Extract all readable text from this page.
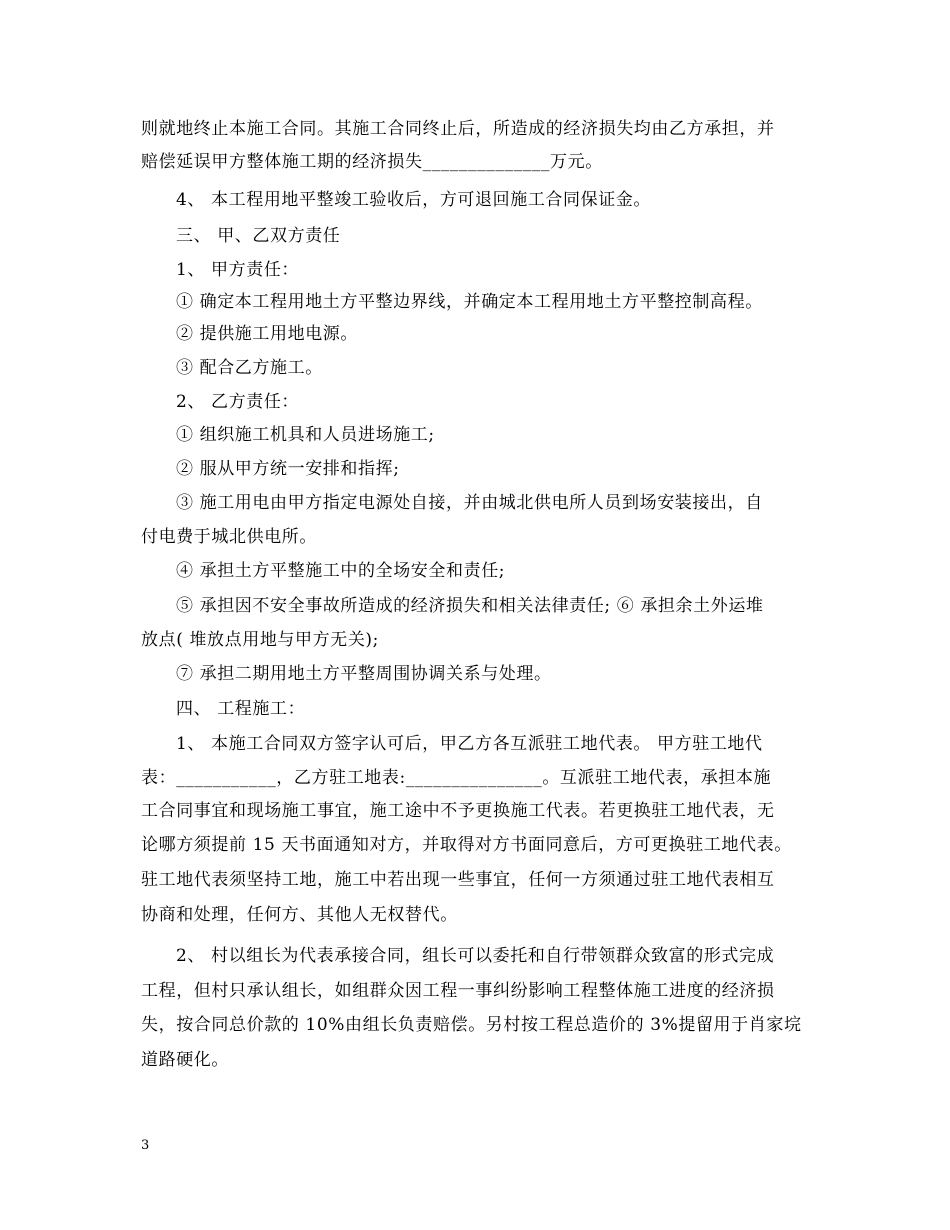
则就地终止本施工合同。其施工合同终止后，所造成的经济损失均由乙方承担，并
赔偿延误甲方整体施工期的经济损失______________万元。
4、 本工程用地平整竣工验收后，方可退回施工合同保证金。
三、 甲、乙双方责任
1、 甲方责任：
① 确定本工程用地土方平整边界线，并确定本工程用地土方平整控制高程。
② 提供施工用地电源。
③ 配合乙方施工。
2、 乙方责任：
① 组织施工机具和人员进场施工;
② 服从甲方统一安排和指挥;
③ 施工用电由甲方指定电源处自接，并由城北供电所人员到场安装接出，自
付电费于城北供电所。
④ 承担土方平整施工中的全场安全和责任;
⑤ 承担因不安全事故所造成的经济损失和相关法律责任; ⑥ 承担余土外运堆
放点( 堆放点用地与甲方无关);
⑦ 承担二期用地土方平整周围协调关系与处理。
四、 工程施工：
1、 本施工合同双方签字认可后，甲乙方各互派驻工地代表。 甲方驻工地代
表：___________，乙方驻工地表:_______________。互派驻工地代表，承担本施
工合同事宜和现场施工事宜，施工途中不予更换施工代表。若更换驻工地代表，无
论哪方须提前 15 天书面通知对方，并取得对方书面同意后，方可更换驻工地代表。
驻工地代表须坚持工地，施工中若出现一些事宜，任何一方须通过驻工地代表相互
协商和处理，任何方、其他人无权替代。
2、 村以组长为代表承接合同，组长可以委托和自行带领群众致富的形式完成
工程，但村只承认组长，如组群众因工程一事纠纷影响工程整体施工进度的经济损
失，按合同总价款的 10%由组长负责赔偿。另村按工程总造价的 3%提留用于肖家垸
道路硬化。
3
